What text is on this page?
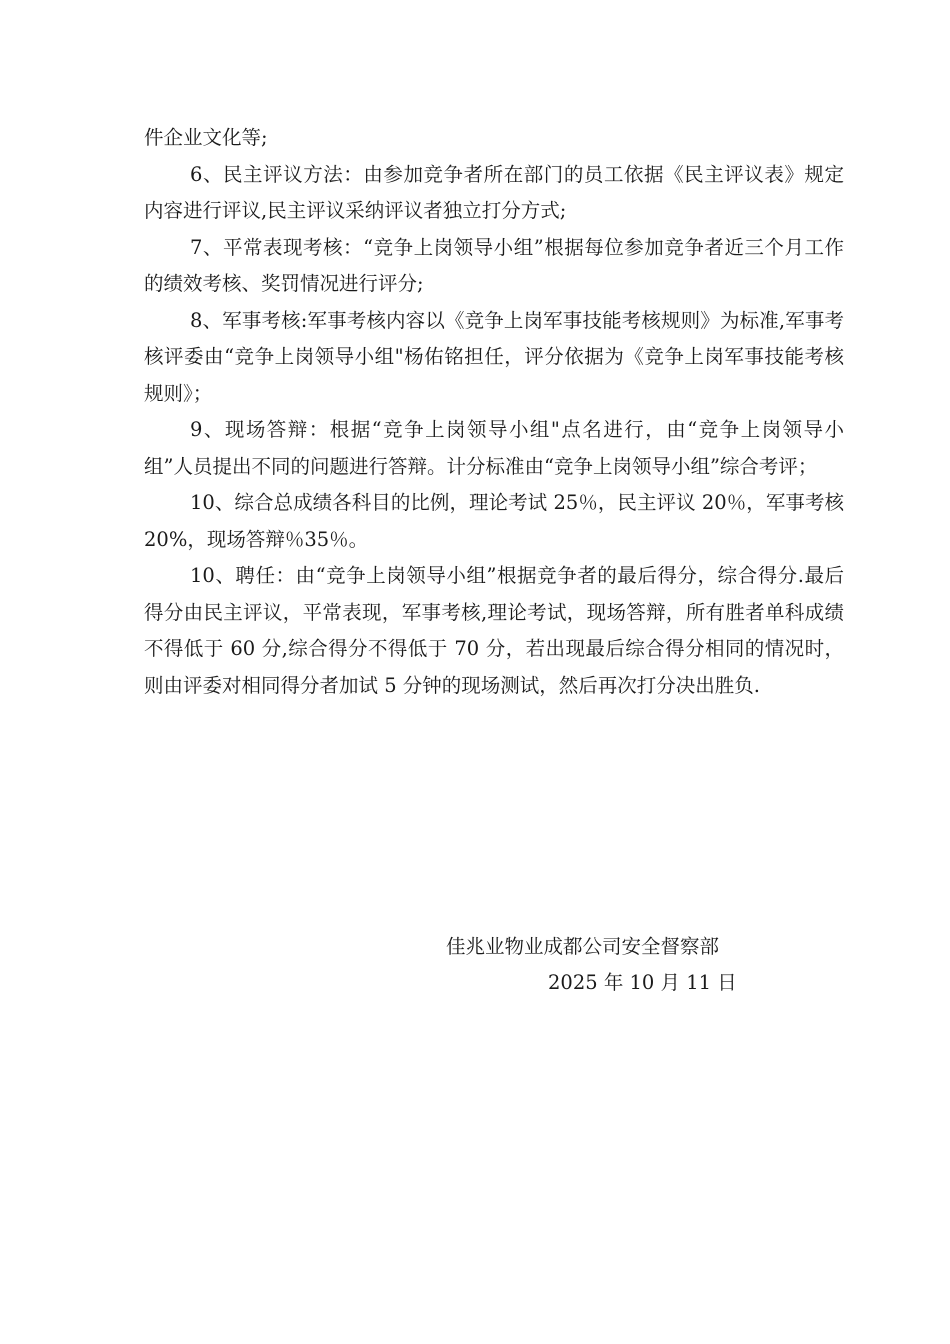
件企业文化等;

6、民主评议方法：由参加竞争者所在部门的员工依据《民主评议表》规定内容进行评议,民主评议采纳评议者独立打分方式;

7、平常表现考核：“竞争上岗领导小组”根据每位参加竞争者近三个月工作的绩效考核、奖罚情况进行评分;

8、军事考核:军事考核内容以《竞争上岗军事技能考核规则》为标准,军事考核评委由“竞争上岗领导小组"杨佑铭担任，评分依据为《竞争上岗军事技能考核规则》；

9、现场答辩：根据“竞争上岗领导小组"点名进行，由“竞争上岗领导小组”人员提出不同的问题进行答辩。计分标准由“竞争上岗领导小组”综合考评；

10、综合总成绩各科目的比例，理论考试 25％，民主评议 20％，军事考核 20%，现场答辩％35％。

10、聘任：由“竞争上岗领导小组”根据竞争者的最后得分，综合得分.最后得分由民主评议，平常表现，军事考核,理论考试，现场答辩，所有胜者单科成绩不得低于 60 分,综合得分不得低于 70 分，若出现最后综合得分相同的情况时，则由评委对相同得分者加试 5 分钟的现场测试，然后再次打分决出胜负.

佳兆业物业成都公司安全督察部
2025 年 10 月 11 日
